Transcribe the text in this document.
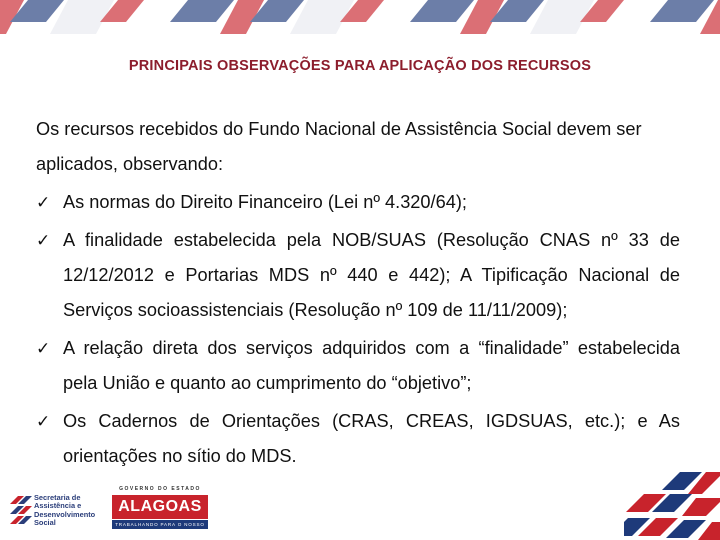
PRINCIPAIS OBSERVAÇÕES PARA APLICAÇÃO DOS RECURSOS

Os recursos recebidos do Fundo Nacional de Assistência Social devem ser aplicados, observando:

✓ As normas do Direito Financeiro (Lei nº 4.320/64);
✓ A finalidade estabelecida pela NOB/SUAS (Resolução CNAS nº 33 de 12/12/2012 e Portarias MDS nº 440 e 442); A Tipificação Nacional de Serviços socioassistenciais (Resolução nº 109 de 11/11/2009);
✓ A relação direta dos serviços adquiridos com a “finalidade” estabelecida pela União e quanto ao cumprimento do “objetivo”;
✓ Os Cadernos de Orientações (CRAS, CREAS, IGDSUAS, etc.); e As orientações no sítio do MDS.
Secretaria de
Assistência e
Desenvolvimento Social
GOVERNO DO ESTADO
ALAGOAS
TRABALHANDO PARA O NOSSO DESENVOLVIMENTO
